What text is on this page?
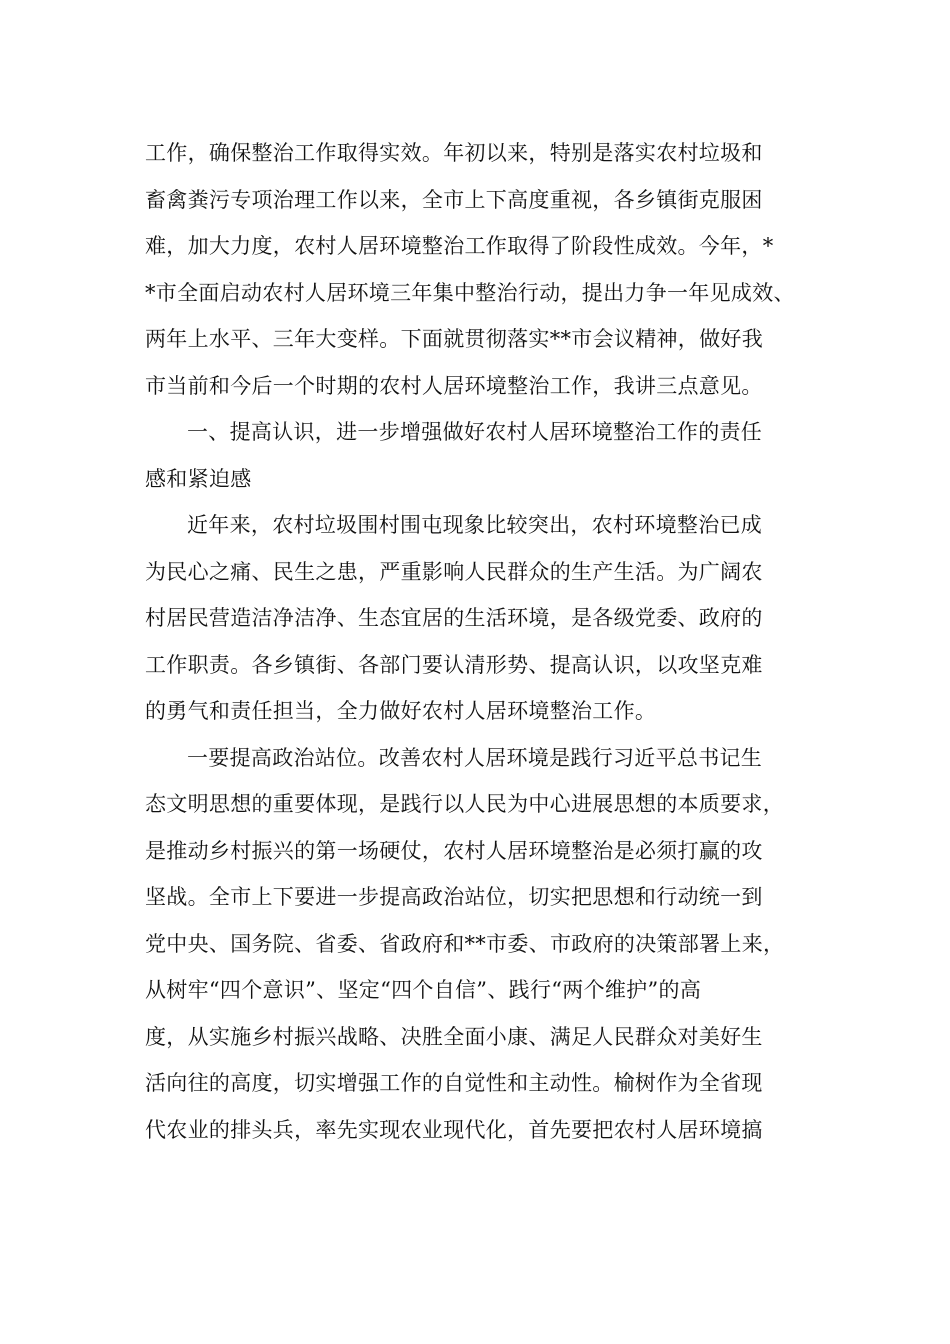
工作，确保整治工作取得实效。年初以来，特别是落实农村垃圾和
畜禽粪污专项治理工作以来，全市上下高度重视，各乡镇街克服困
难，加大力度，农村人居环境整治工作取得了阶段性成效。今年，*
*市全面启动农村人居环境三年集中整治行动，提出力争一年见成效、
两年上水平、三年大变样。下面就贯彻落实**市会议精神，做好我
市当前和今后一个时期的农村人居环境整治工作，我讲三点意见。
一、提高认识，进一步增强做好农村人居环境整治工作的责任
感和紧迫感
近年来，农村垃圾围村围屯现象比较突出，农村环境整治已成
为民心之痛、民生之患，严重影响人民群众的生产生活。为广阔农
村居民营造洁净洁净、生态宜居的生活环境，是各级党委、政府的
工作职责。各乡镇街、各部门要认清形势、提高认识，以攻坚克难
的勇气和责任担当，全力做好农村人居环境整治工作。
一要提高政治站位。改善农村人居环境是践行习近平总书记生
态文明思想的重要体现，是践行以人民为中心进展思想的本质要求，
是推动乡村振兴的第一场硬仗，农村人居环境整治是必须打赢的攻
坚战。全市上下要进一步提高政治站位，切实把思想和行动统一到
党中央、国务院、省委、省政府和**市委、市政府的决策部署上来，
从树牢“四个意识”、坚定“四个自信”、践行“两个维护”的高
度，从实施乡村振兴战略、决胜全面小康、满足人民群众对美好生
活向往的高度，切实增强工作的自觉性和主动性。榆树作为全省现
代农业的排头兵，率先实现农业现代化，首先要把农村人居环境搞
